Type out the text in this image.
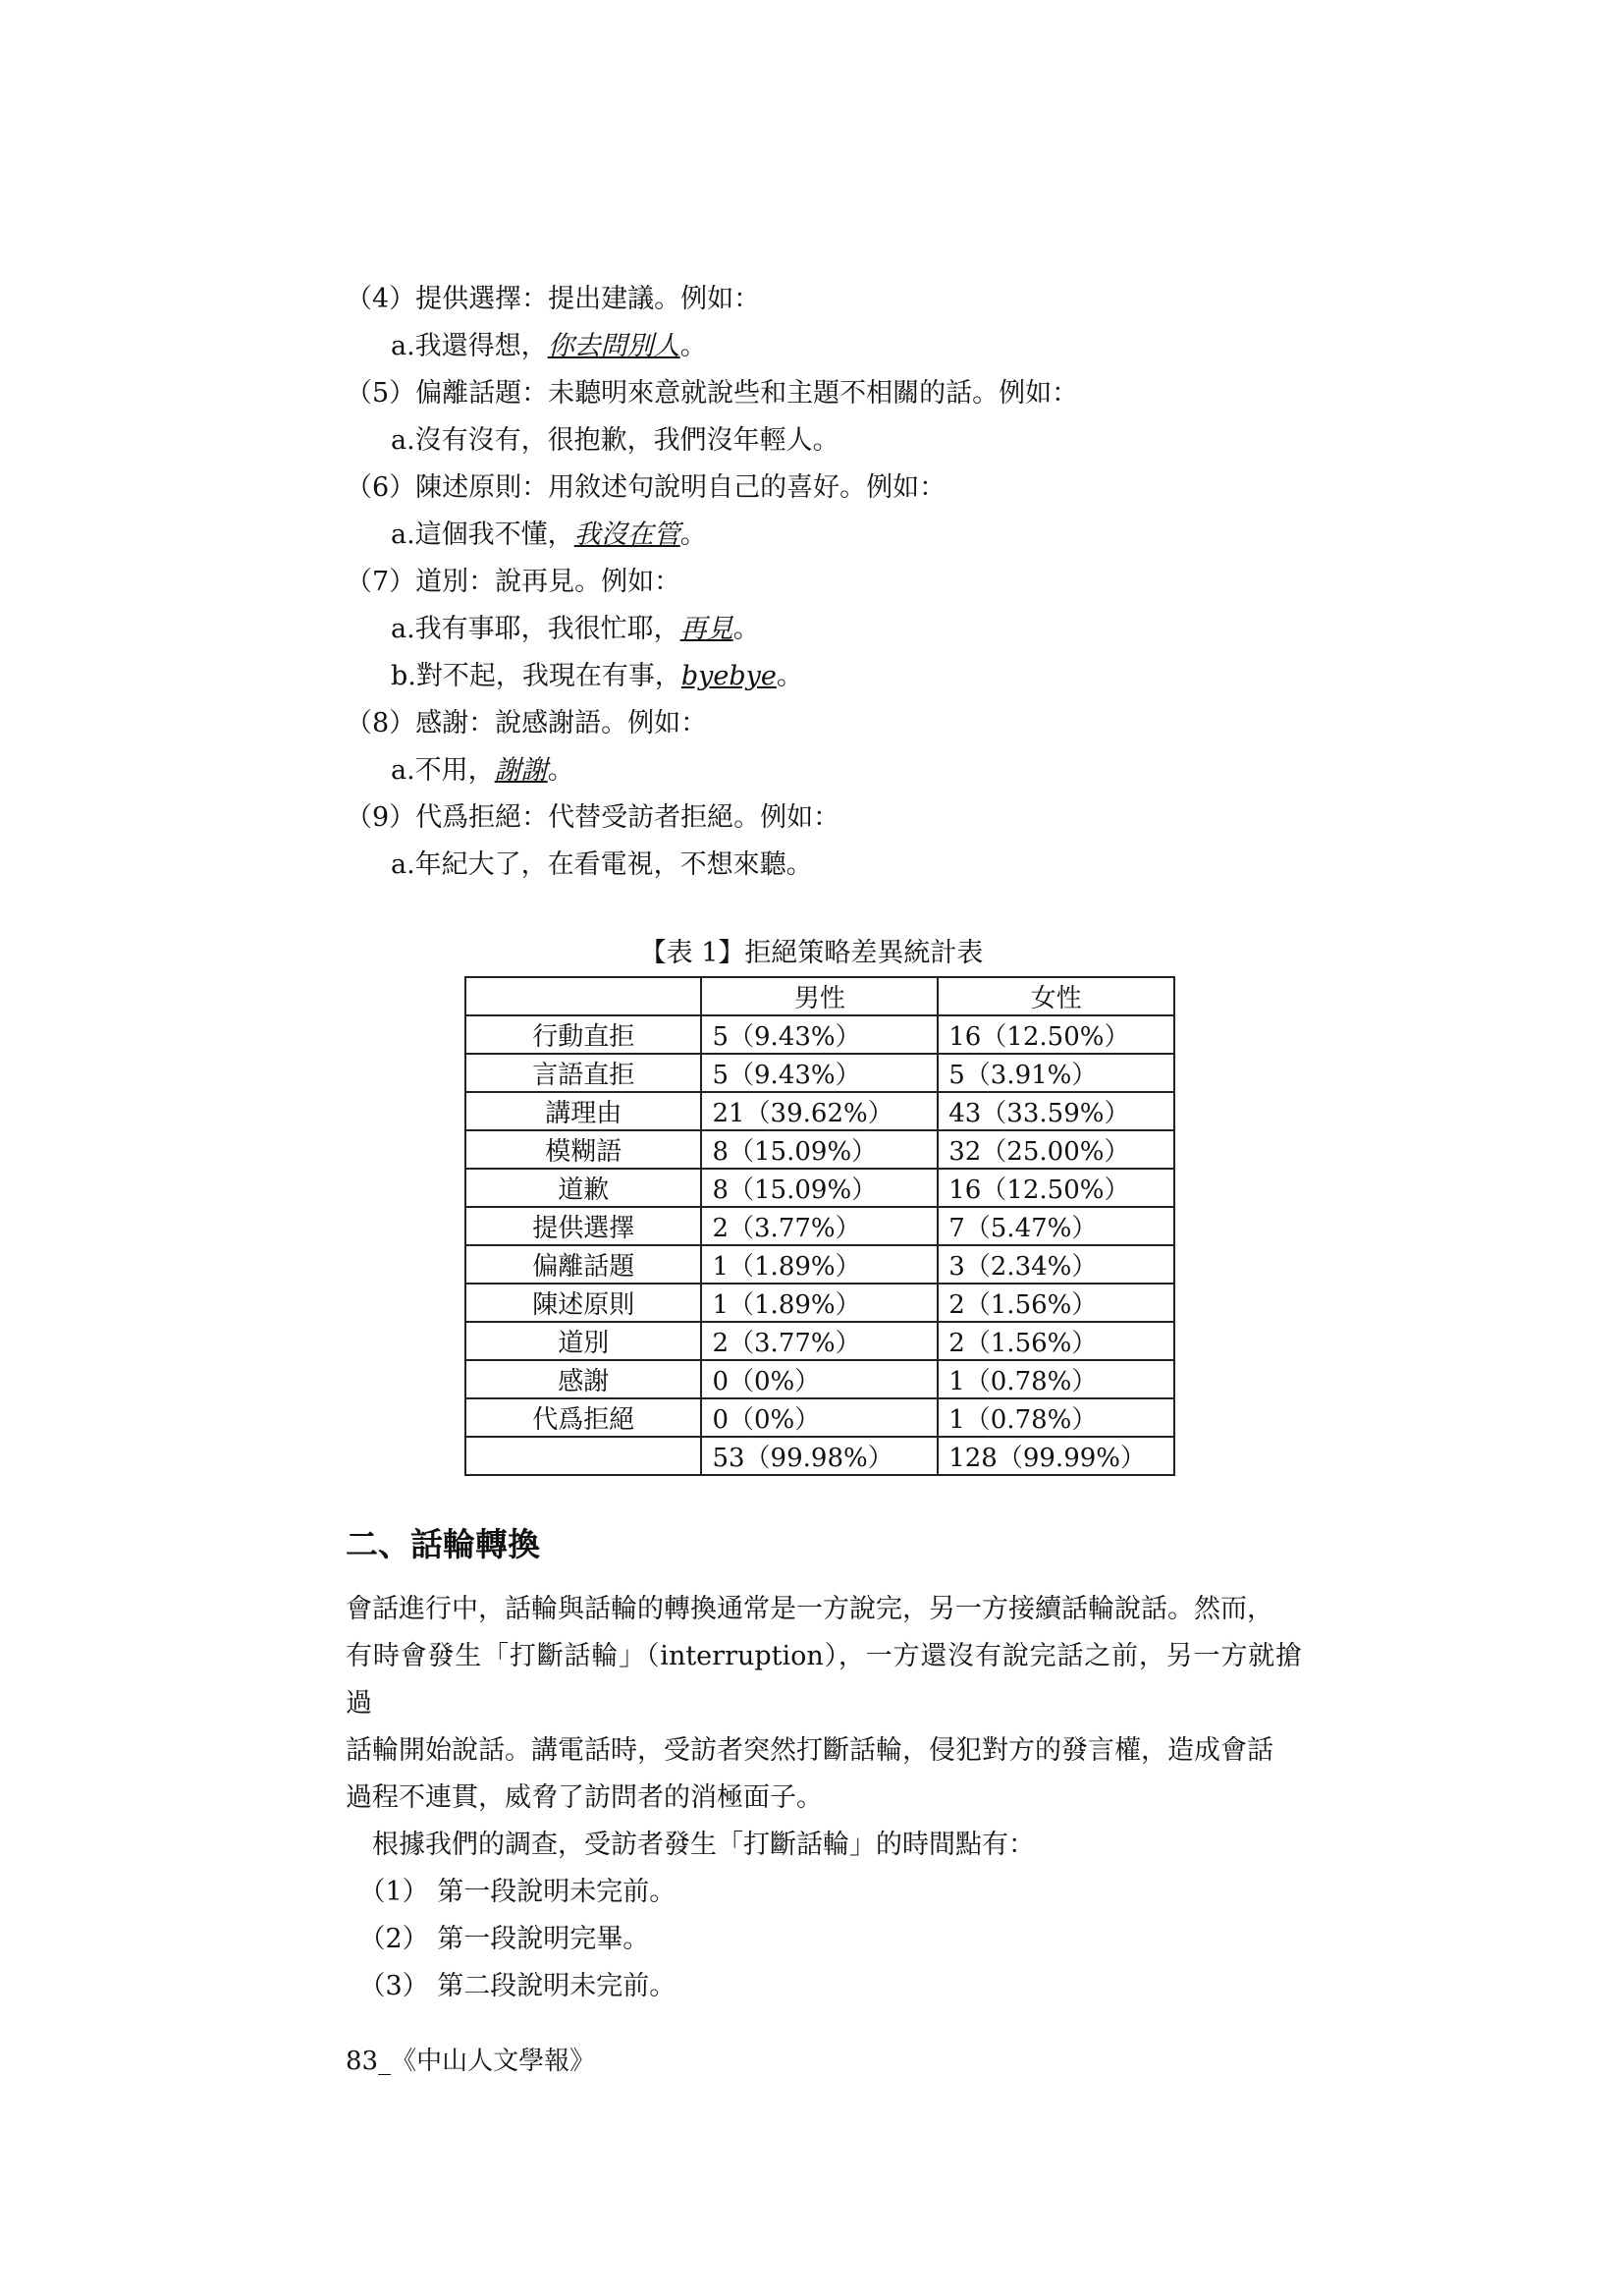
（4）提供選擇：提出建議。例如：
a.我還得想，你去問別人。
（5）偏離話題：未聽明來意就說些和主題不相關的話。例如：
a.沒有沒有，很抱歉，我們沒年輕人。
（6）陳述原則：用敘述句說明自己的喜好。例如：
a.這個我不懂，我沒在管。
（7）道別：說再見。例如：
a.我有事耶，我很忙耶，再見。
b.對不起，我現在有事，byebye。
（8）感謝：說感謝語。例如：
a.不用，謝謝。
（9）代爲拒絕：代替受訪者拒絕。例如：
a.年紀大了，在看電視，不想來聽。
【表 1】拒絕策略差異統計表
	男性	女性
行動直拒	5（9.43%）	16（12.50%）
言語直拒	5（9.43%）	5（3.91%）
講理由	21（39.62%）	43（33.59%）
模糊語	8（15.09%）	32（25.00%）
道歉	8（15.09%）	16（12.50%）
提供選擇	2（3.77%）	7（5.47%）
偏離話題	1（1.89%）	3（2.34%）
陳述原則	1（1.89%）	2（1.56%）
道別	2（3.77%）	2（1.56%）
感謝	0（0%）	1（0.78%）
代爲拒絕	0（0%）	1（0.78%）
	53（99.98%）	128（99.99%）
二、話輪轉換
會話進行中，話輪與話輪的轉換通常是一方說完，另一方接續話輪說話。然而，
有時會發生「打斷話輪」（interruption），一方還沒有說完話之前，另一方就搶過
話輪開始說話。講電話時，受訪者突然打斷話輪，侵犯對方的發言權，造成會話
過程不連貫，威脅了訪問者的消極面子。
　根據我們的調查，受訪者發生「打斷話輪」的時間點有：
　（1） 第一段說明未完前。
　（2） 第一段說明完畢。
　（3） 第二段說明未完前。
83_《中山人文學報》
